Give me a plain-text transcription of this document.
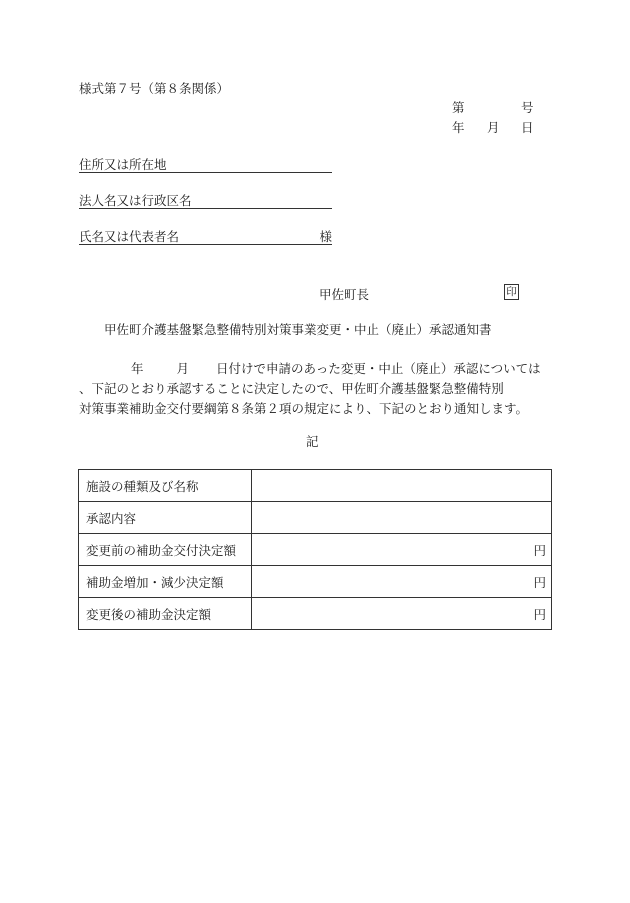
様式第７号（第８条関係）
第	号
年 月 日
住所又は所在地
法人名又は行政区名
氏名又は代表者名	様
甲佐町長	印
甲佐町介護基盤緊急整備特別対策事業変更・中止（廃止）承認通知書
年	月 日付けで申請のあった変更・中止（廃止）承認については
、下記のとおり承認することに決定したので、甲佐町介護基盤緊急整備特別
対策事業補助金交付要綱第８条第２項の規定により、下記のとおり通知します。
記
施設の種類及び名称	
承認内容	
変更前の補助金交付決定額	円
補助金増加・減少決定額	円
変更後の補助金決定額	円
